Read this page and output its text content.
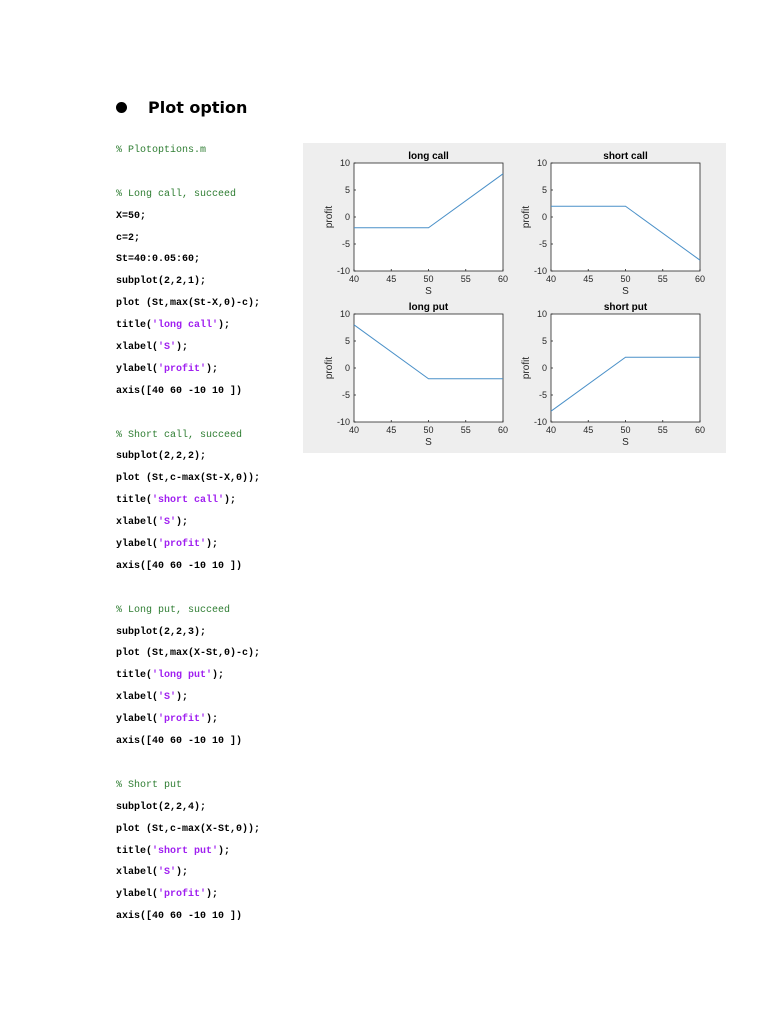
Plot option
% Plotoptions.m

% Long call, succeed
X=50;
c=2;
St=40:0.05:60;
subplot(2,2,1);
plot (St,max(St-X,0)-c);
title('long call');
xlabel('S');
ylabel('profit');
axis([40 60 -10 10 ])

% Short call, succeed
subplot(2,2,2);
plot (St,c-max(St-X,0));
title('short call');
xlabel('S');
ylabel('profit');
axis([40 60 -10 10 ])

% Long put, succeed
subplot(2,2,3);
plot (St,max(X-St,0)-c);
title('long put');
xlabel('S');
ylabel('profit');
axis([40 60 -10 10 ])

% Short put
subplot(2,2,4);
plot (St,c-max(X-St,0));
title('short put');
xlabel('S');
ylabel('profit');
axis([40 60 -10 10 ])
long call
40	45	50	55	60
10
5
0
-5
-10
S
profit
short call
40	45	50	55	60
10
5
0
-5
-10
S
profit
long put
40	45	50	55	60
10
5
0
-5
-10
S
profit
short put
40	45	50	55	60
10
5
0
-5
-10
S
profit
